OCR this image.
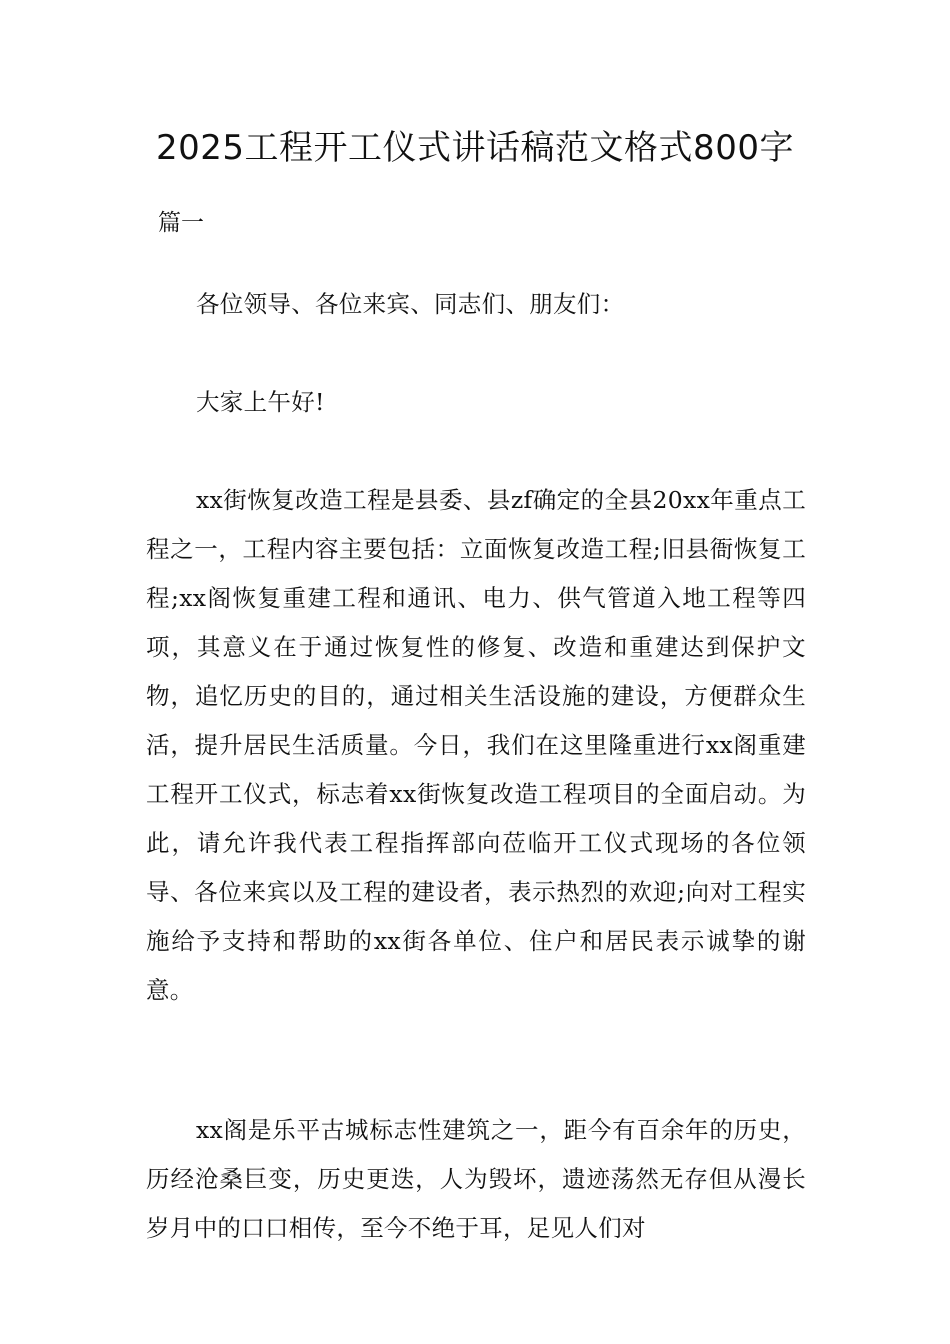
2025工程开工仪式讲话稿范文格式800字

篇一

各位领导、各位来宾、同志们、朋友们：

大家上午好!

xx街恢复改造工程是县委、县zf确定的全县20xx年重点工程之一，工程内容主要包括：立面恢复改造工程;旧县衙恢复工程;xx阁恢复重建工程和通讯、电力、供气管道入地工程等四项，其意义在于通过恢复性的修复、改造和重建达到保护文物，追忆历史的目的，通过相关生活设施的建设，方便群众生活，提升居民生活质量。今日，我们在这里隆重进行xx阁重建工程开工仪式，标志着xx街恢复改造工程项目的全面启动。为此，请允许我代表工程指挥部向莅临开工仪式现场的各位领导、各位来宾以及工程的建设者，表示热烈的欢迎;向对工程实施给予支持和帮助的xx街各单位、住户和居民表示诚挚的谢意。

xx阁是乐平古城标志性建筑之一，距今有百余年的历史，历经沧桑巨变，历史更迭，人为毁坏，遗迹荡然无存但从漫长岁月中的口口相传，至今不绝于耳，足见人们对
